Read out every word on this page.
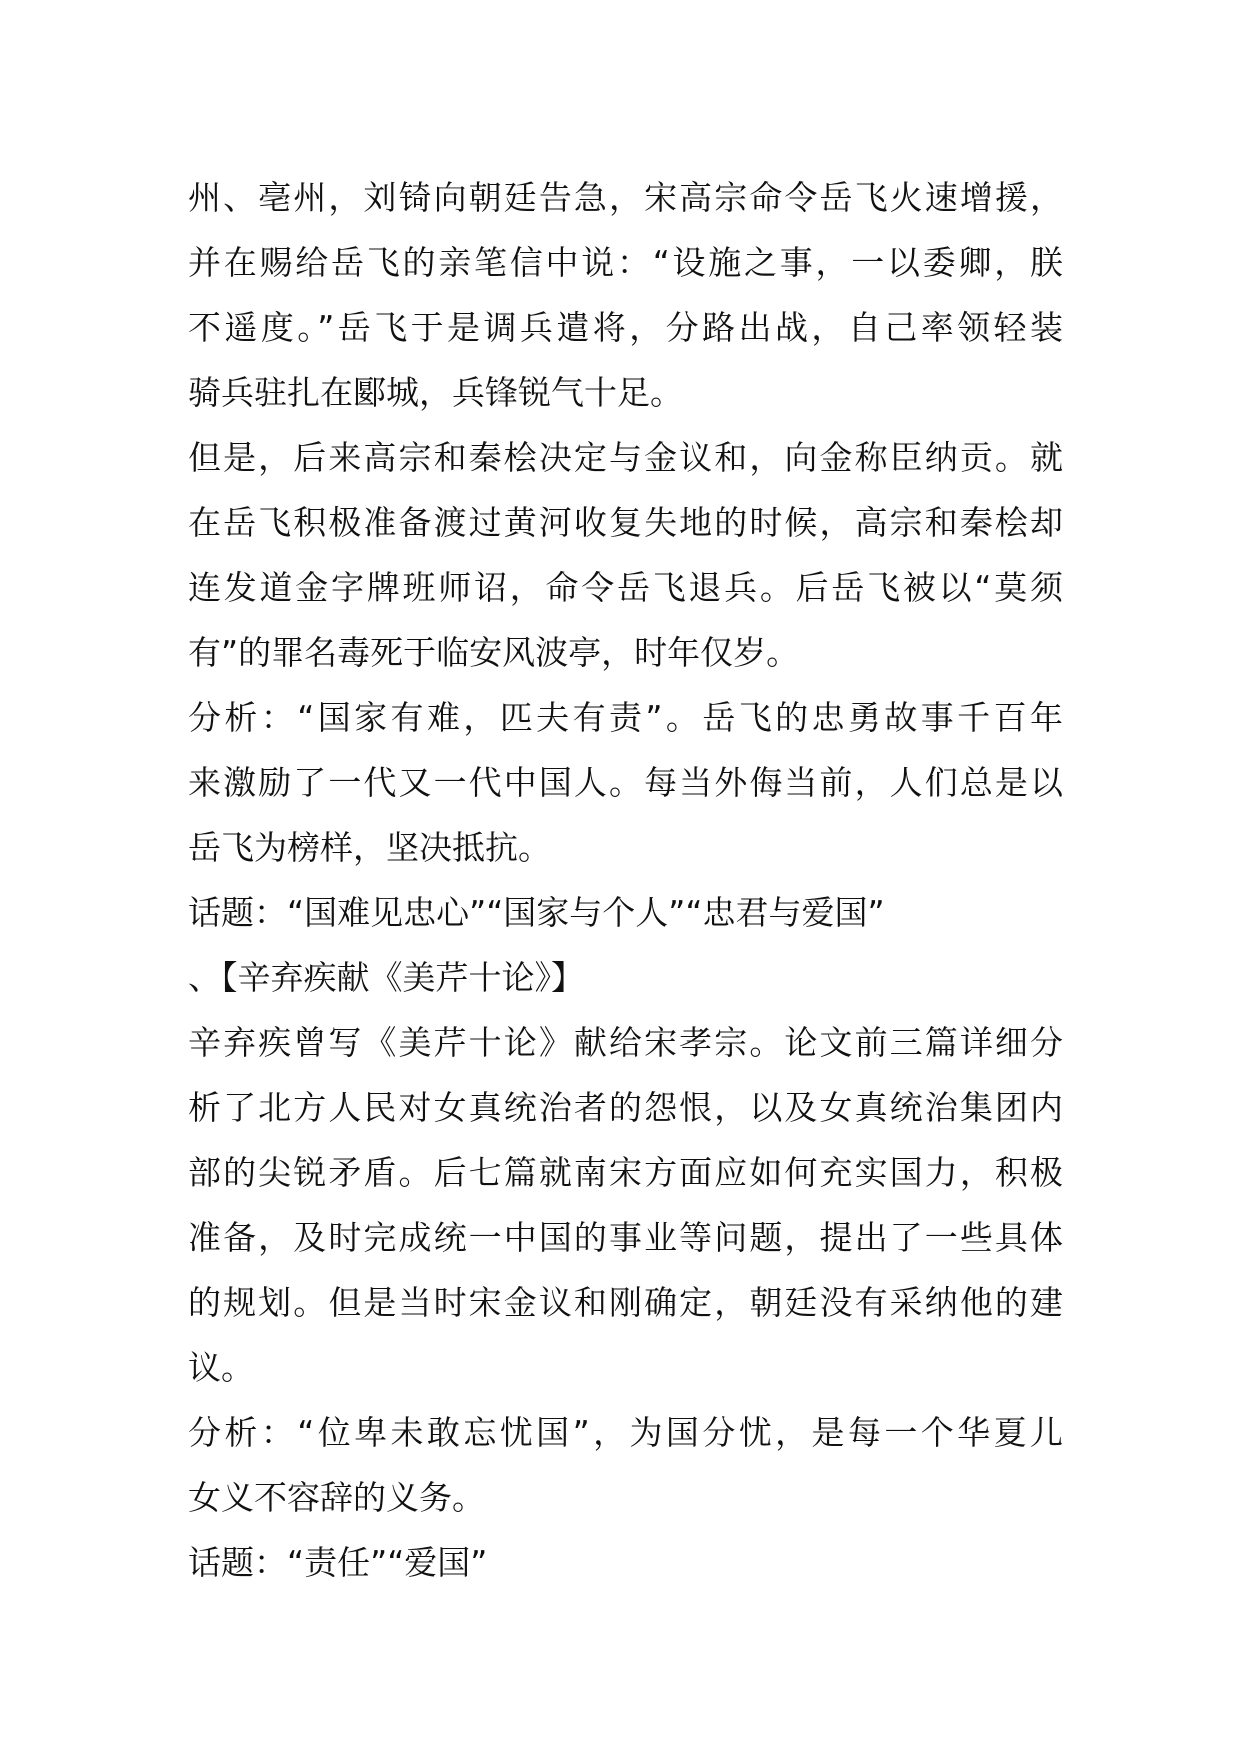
州、亳州，刘锜向朝廷告急，宋高宗命令岳飞火速增援，
并在赐给岳飞的亲笔信中说：“设施之事，一以委卿，朕
不遥度。”岳飞于是调兵遣将，分路出战，自己率领轻装
骑兵驻扎在郾城，兵锋锐气十足。
但是，后来高宗和秦桧决定与金议和，向金称臣纳贡。就
在岳飞积极准备渡过黄河收复失地的时候，高宗和秦桧却
连发道金字牌班师诏，命令岳飞退兵。后岳飞被以“莫须
有”的罪名毒死于临安风波亭，时年仅岁。
分析：“国家有难，匹夫有责”。岳飞的忠勇故事千百年
来激励了一代又一代中国人。每当外侮当前，人们总是以
岳飞为榜样，坚决抵抗。
话题：“国难见忠心”“国家与个人”“忠君与爱国”
、【辛弃疾献《美芹十论》】
辛弃疾曾写《美芹十论》献给宋孝宗。论文前三篇详细分
析了北方人民对女真统治者的怨恨，以及女真统治集团内
部的尖锐矛盾。后七篇就南宋方面应如何充实国力，积极
准备，及时完成统一中国的事业等问题，提出了一些具体
的规划。但是当时宋金议和刚确定，朝廷没有采纳他的建
议。
分析：“位卑未敢忘忧国”，为国分忧，是每一个华夏儿
女义不容辞的义务。
话题：“责任”“爱国”
